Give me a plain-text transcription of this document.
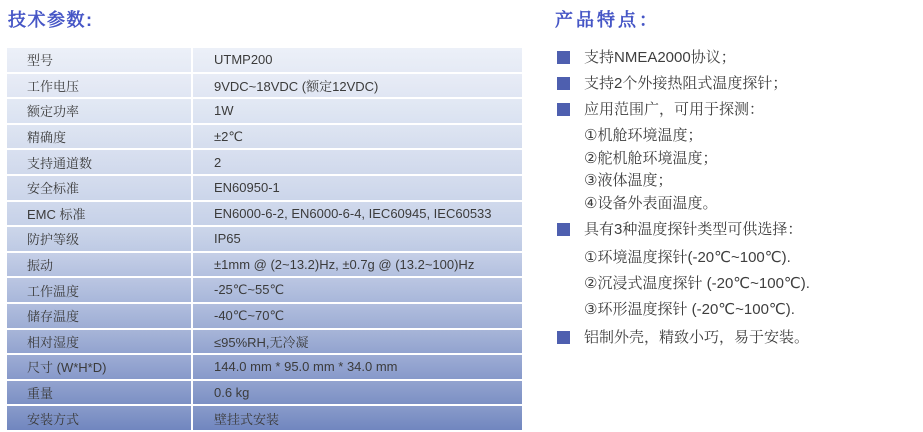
技术参数:
型号	UTMP200
工作电压	9VDC~18VDC (额定12VDC)
额定功率	1W
精确度	±2℃
支持通道数	2
安全标准	EN60950-1
EMC 标准	EN6000-6-2, EN6000-6-4, IEC60945, IEC60533
防护等级	IP65
振动	±1mm @ (2~13.2)Hz, ±0.7g @ (13.2~100)Hz
工作温度	-25℃~55℃
储存温度	-40℃~70℃
相对湿度	≤95%RH,无冷凝
尺寸 (W*H*D)	144.0 mm * 95.0 mm * 34.0 mm
重量	0.6 kg
安装方式	壁挂式安装
产品特点：
支持NMEA2000协议；
支持2个外接热阻式温度探针；
应用范围广，可用于探测：
①机舱环境温度；
②舵机舱环境温度；
③液体温度；
④设备外表面温度。
具有3种温度探针类型可供选择：
①环境温度探针(-20℃~100℃).
②沉浸式温度探针 (-20℃~100℃).
③环形温度探针 (-20℃~100℃).
铝制外壳，精致小巧，易于安装。
